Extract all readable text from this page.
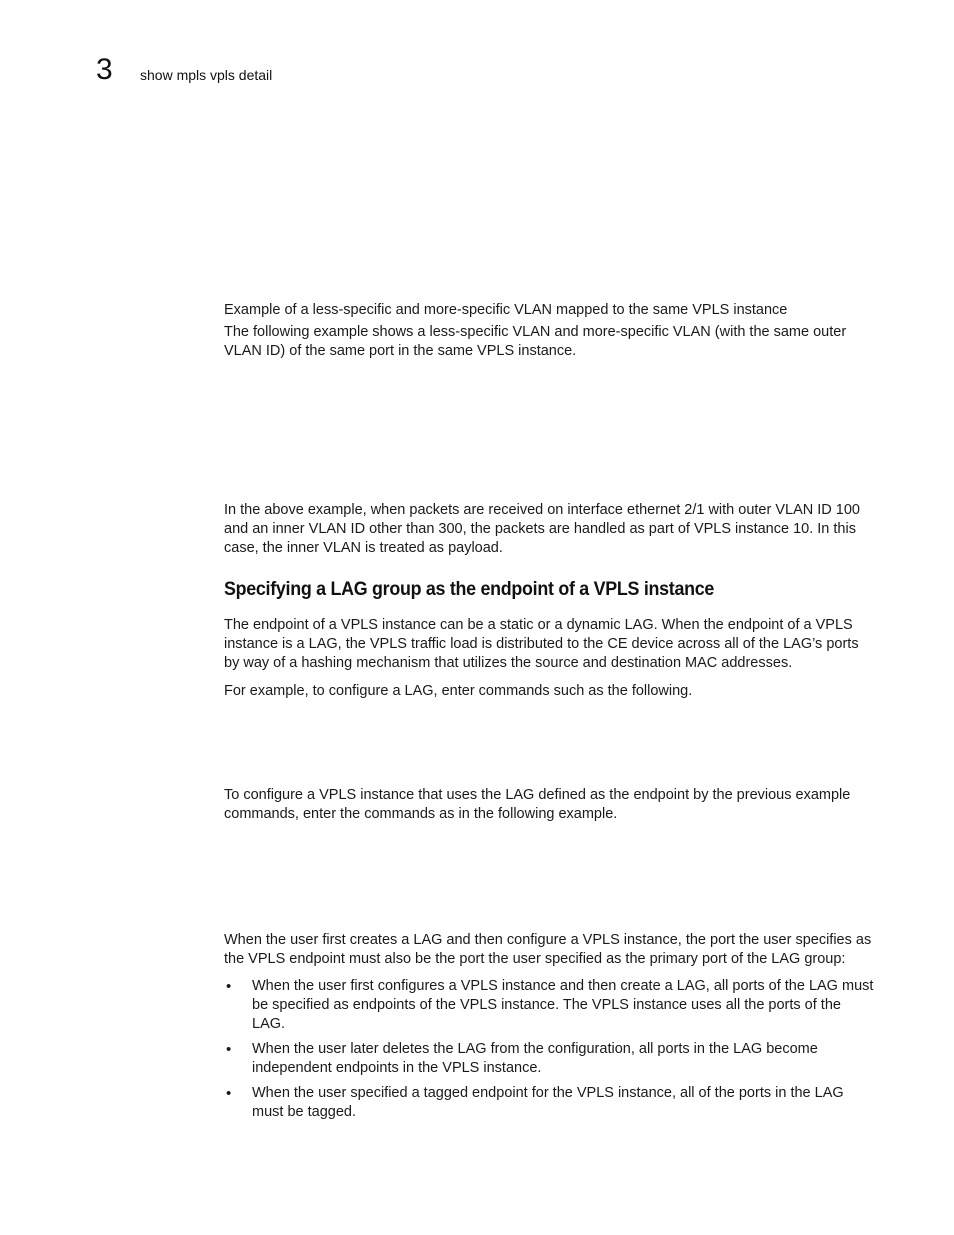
3 show mpls vpls detail

Example of a less-specific and more-specific VLAN mapped to the same VPLS instance

The following example shows a less-specific VLAN and more-specific VLAN (with the same outer VLAN ID) of the same port in the same VPLS instance.

In the above example, when packets are received on interface ethernet 2/1 with outer VLAN ID 100 and an inner VLAN ID other than 300, the packets are handled as part of VPLS instance 10. In this case, the inner VLAN is treated as payload.

Specifying a LAG group as the endpoint of a VPLS instance

The endpoint of a VPLS instance can be a static or a dynamic LAG. When the endpoint of a VPLS instance is a LAG, the VPLS traffic load is distributed to the CE device across all of the LAG’s ports by way of a hashing mechanism that utilizes the source and destination MAC addresses.

For example, to configure a LAG, enter commands such as the following.

To configure a VPLS instance that uses the LAG defined as the endpoint by the previous example commands, enter the commands as in the following example.

When the user first creates a LAG and then configure a VPLS instance, the port the user specifies as the VPLS endpoint must also be the port the user specified as the primary port of the LAG group:

• When the user first configures a VPLS instance and then create a LAG, all ports of the LAG must be specified as endpoints of the VPLS instance. The VPLS instance uses all the ports of the LAG.
• When the user later deletes the LAG from the configuration, all ports in the LAG become independent endpoints in the VPLS instance.
• When the user specified a tagged endpoint for the VPLS instance, all of the ports in the LAG must be tagged.
